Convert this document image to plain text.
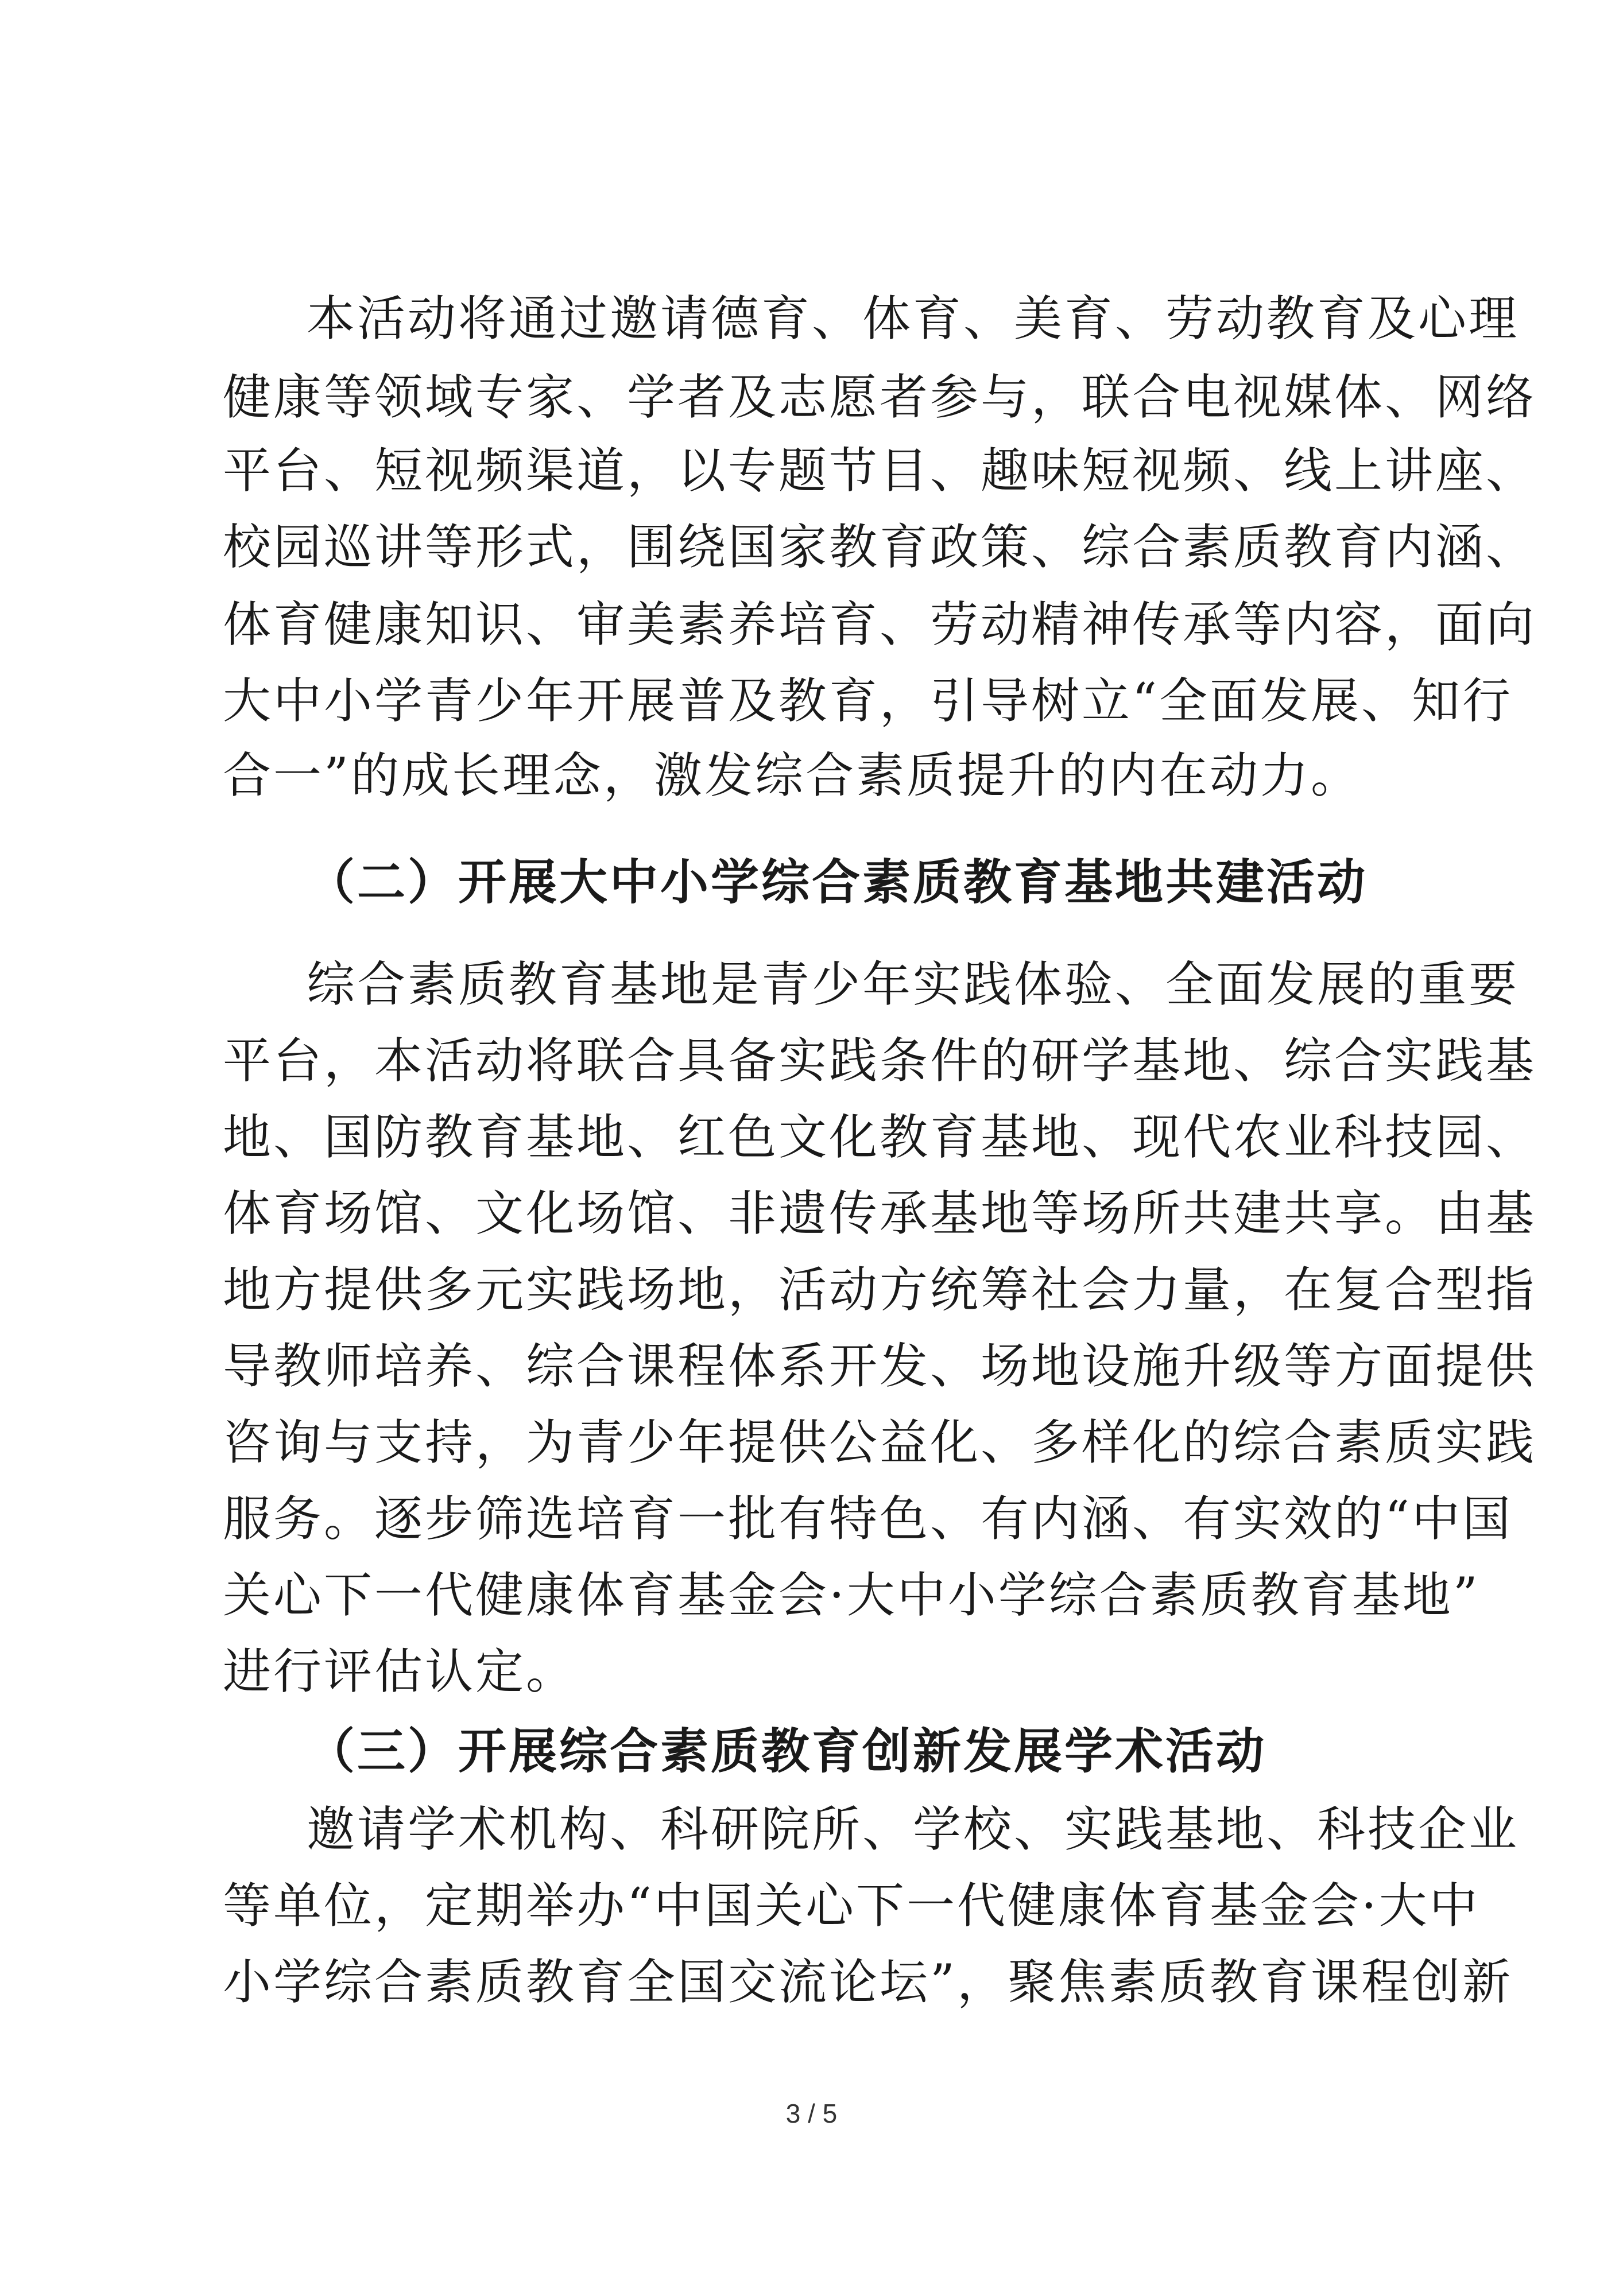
本活动将通过邀请德育、体育、美育、劳动教育及心理
健康等领域专家、学者及志愿者参与，联合电视媒体、网络
平台、短视频渠道，以专题节目、趣味短视频、线上讲座、
校园巡讲等形式，围绕国家教育政策、综合素质教育内涵、
体育健康知识、审美素养培育、劳动精神传承等内容，面向
大中小学青少年开展普及教育，引导树立“全面发展、知行
合一”的成长理念，激发综合素质提升的内在动力。
（二）开展大中小学综合素质教育基地共建活动
综合素质教育基地是青少年实践体验、全面发展的重要
平台，本活动将联合具备实践条件的研学基地、综合实践基
地、国防教育基地、红色文化教育基地、现代农业科技园、
体育场馆、文化场馆、非遗传承基地等场所共建共享。由基
地方提供多元实践场地，活动方统筹社会力量，在复合型指
导教师培养、综合课程体系开发、场地设施升级等方面提供
咨询与支持，为青少年提供公益化、多样化的综合素质实践
服务。逐步筛选培育一批有特色、有内涵、有实效的“中国
关心下一代健康体育基金会·大中小学综合素质教育基地”
进行评估认定。
（三）开展综合素质教育创新发展学术活动
邀请学术机构、科研院所、学校、实践基地、科技企业
等单位，定期举办“中国关心下一代健康体育基金会·大中
小学综合素质教育全国交流论坛”，聚焦素质教育课程创新
3 / 5
